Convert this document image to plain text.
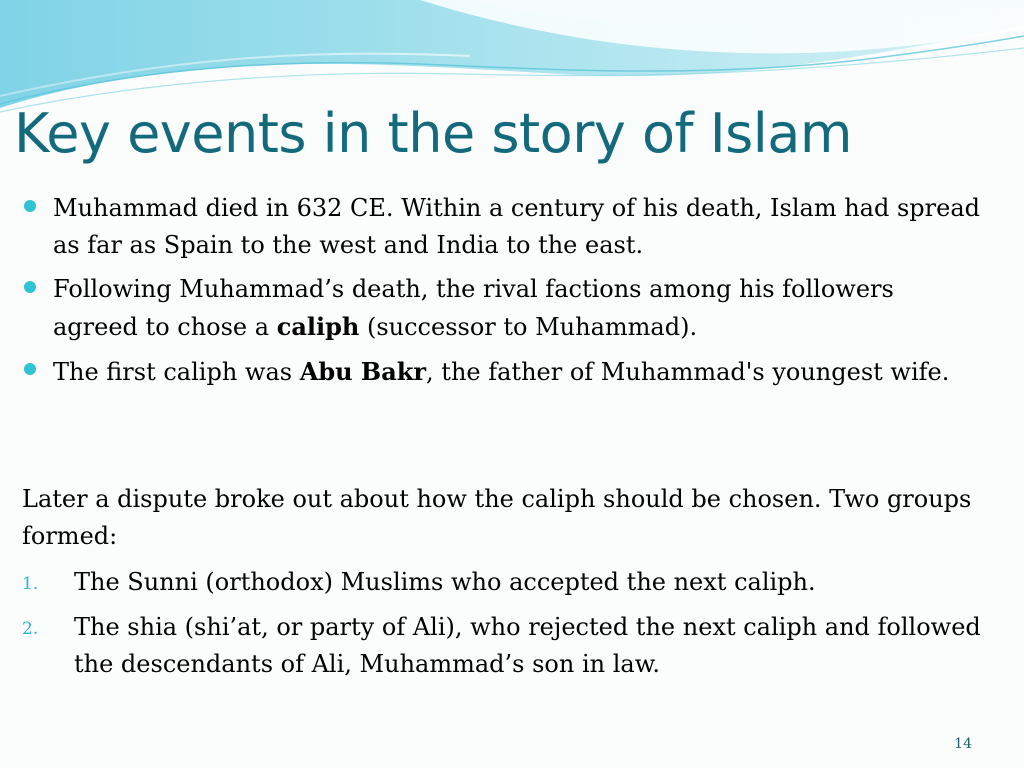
Key events in the story of Islam
Muhammad died in 632 CE. Within a century of his death, Islam had spread as far as Spain to the west and India to the east.
Following Muhammad’s death, the rival factions among his followers agreed to chose a caliph (successor to Muhammad).
The first caliph was Abu Bakr, the father of Muhammad's youngest wife.

Later a dispute broke out about how the caliph should be chosen. Two groups formed:

1. The Sunni (orthodox) Muslims who accepted the next caliph.
2. The shia (shi’at, or party of Ali), who rejected the next caliph and followed the descendants of Ali, Muhammad’s son in law.
14
